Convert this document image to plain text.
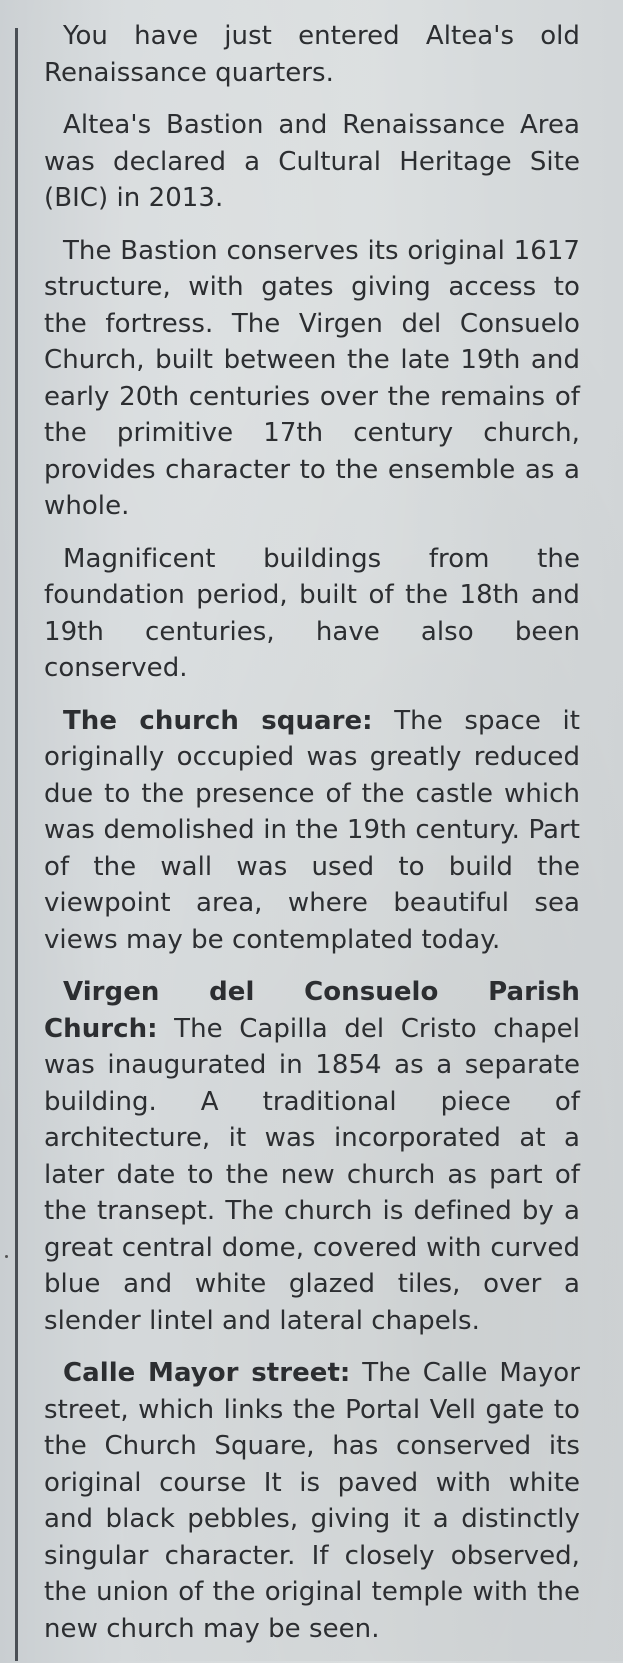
You have just entered Altea's old Renaissance quarters.

Altea's Bastion and Renaissance Area was declared a Cultural Heritage Site (BIC) in 2013.

The Bastion conserves its original 1617 structure, with gates giving access to the fortress. The Virgen del Consuelo Church, built between the late 19th and early 20th centuries over the remains of the primitive 17th century church, provides character to the ensemble as a whole.

Magnificent buildings from the foundation period, built of the 18th and 19th centuries, have also been conserved.

The church square: The space it originally occupied was greatly reduced due to the presence of the castle which was demolished in the 19th century. Part of the wall was used to build the viewpoint area, where beautiful sea views may be contemplated today.

Virgen del Consuelo Parish Church: The Capilla del Cristo chapel was inaugurated in 1854 as a separate building. A traditional piece of architecture, it was incorporated at a later date to the new church as part of the transept. The church is defined by a great central dome, covered with curved blue and white glazed tiles, over a slender lintel and lateral chapels.

Calle Mayor street: The Calle Mayor street, which links the Portal Vell gate to the Church Square, has conserved its original course It is paved with white and black pebbles, giving it a distinctly singular character. If closely observed, the union of the original temple with the new church may be seen.
